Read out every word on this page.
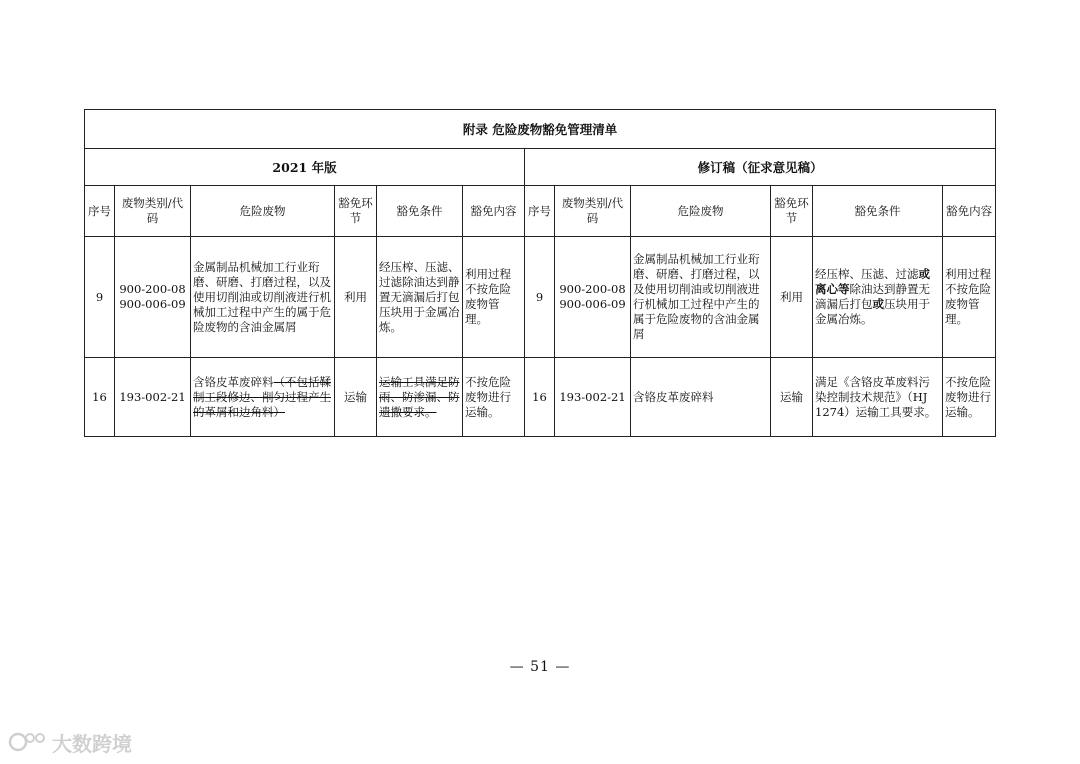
附录 危险废物豁免管理清单											
2021 年版						修订稿（征求意见稿）					
序号	废物类别/代码	危险废物	豁免环节	豁免条件	豁免内容	序号	废物类别/代码	危险废物	豁免环节	豁免条件	豁免内容
9	900-200-08 900-006-09	金属制品机械加工行业珩磨、研磨、打磨过程，以及使用切削油或切削液进行机械加工过程中产生的属于危险废物的含油金属屑	利用	经压榨、压滤、过滤除油达到静置无滴漏后打包压块用于金属冶炼。	利用过程不按危险废物管理。	9	900-200-08 900-006-09	金属制品机械加工行业珩磨、研磨、打磨过程，以及使用切削油或切削液进行机械加工过程中产生的属于危险废物的含油金属屑	利用	经压榨、压滤、过滤或离心等除油达到静置无滴漏后打包或压块用于金属冶炼。	利用过程不按危险废物管理。
16	193-002-21	含铬皮革废碎料（不包括鞣制工段修边、削匀过程产生的革屑和边角料）	运输	运输工具满足防雨、防渗漏、防遗撒要求。	不按危险废物进行运输。	16	193-002-21	含铬皮革废碎料	运输	满足《含铬皮革废料污染控制技术规范》（HJ 1274）运输工具要求。	不按危险废物进行运输。
— 51 —
大数跨境
